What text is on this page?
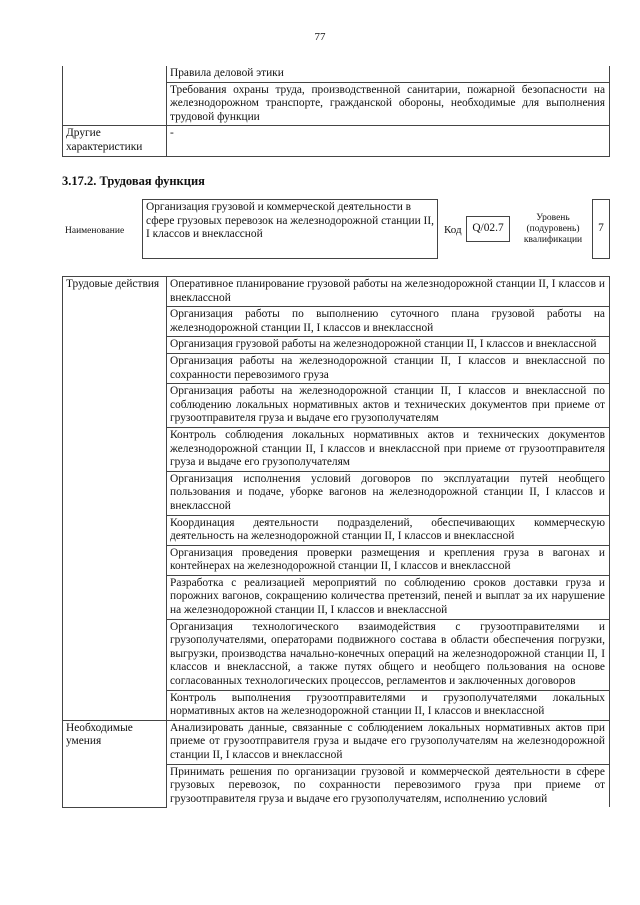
77
	Правила деловой этики
	Требования охраны труда, производственной санитарии, пожарной безопасности на железнодорожном транспорте, гражданской обороны, необходимые для выполнения трудовой функции
Другие характеристики	-
3.17.2. Трудовая функция
Наименование
Организация грузовой и коммерческой деятельности в сфере грузовых перевозок на железнодорожной станции II, I классов и внеклассной	Код Q/02.7
Уровень (подуровень) квалификации
7
Трудовые действия	Оперативное планирование грузовой работы на железнодорожной станции II, I классов и внеклассной
	Организация работы по выполнению суточного плана грузовой работы на железнодорожной станции II, I классов и внеклассной
	Организация грузовой работы на железнодорожной станции II, I классов и внеклассной
	Организация работы на железнодорожной станции II, I классов и внеклассной по сохранности перевозимого груза
	Организация работы на железнодорожной станции II, I классов и внеклассной по соблюдению локальных нормативных актов и технических документов при приеме от грузоотправителя груза и выдаче его грузополучателям
	Контроль соблюдения локальных нормативных актов и технических документов железнодорожной станции II, I классов и внеклассной при приеме от грузоотправителя груза и выдаче его грузополучателям
	Организация исполнения условий договоров по эксплуатации путей необщего пользования и подаче, уборке вагонов на железнодорожной станции II, I классов и внеклассной
	Координация деятельности подразделений, обеспечивающих коммерческую деятельность на железнодорожной станции II, I классов и внеклассной
	Организация проведения проверки размещения и крепления груза в вагонах и контейнерах на железнодорожной станции II, I классов и внеклассной
	Разработка с реализацией мероприятий по соблюдению сроков доставки груза и порожних вагонов, сокращению количества претензий, пеней и выплат за их нарушение на железнодорожной станции II, I классов и внеклассной
	Организация технологического взаимодействия с грузоотправителями и грузополучателями, операторами подвижного состава в области обеспечения погрузки, выгрузки, производства начально-конечных операций на железнодорожной станции II, I классов и внеклассной, а также путях общего и необщего пользования на основе согласованных технологических процессов, регламентов и заключенных договоров
	Контроль выполнения грузоотправителями и грузополучателями локальных нормативных актов на железнодорожной станции II, I классов и внеклассной
Необходимые умения	Анализировать данные, связанные с соблюдением локальных нормативных актов при приеме от грузоотправителя груза и выдаче его грузополучателям на железнодорожной станции II, I классов и внеклассной
	Принимать решения по организации грузовой и коммерческой деятельности в сфере грузовых перевозок, по сохранности перевозимого груза при приеме от грузоотправителя груза и выдаче его грузополучателям, исполнению условий
